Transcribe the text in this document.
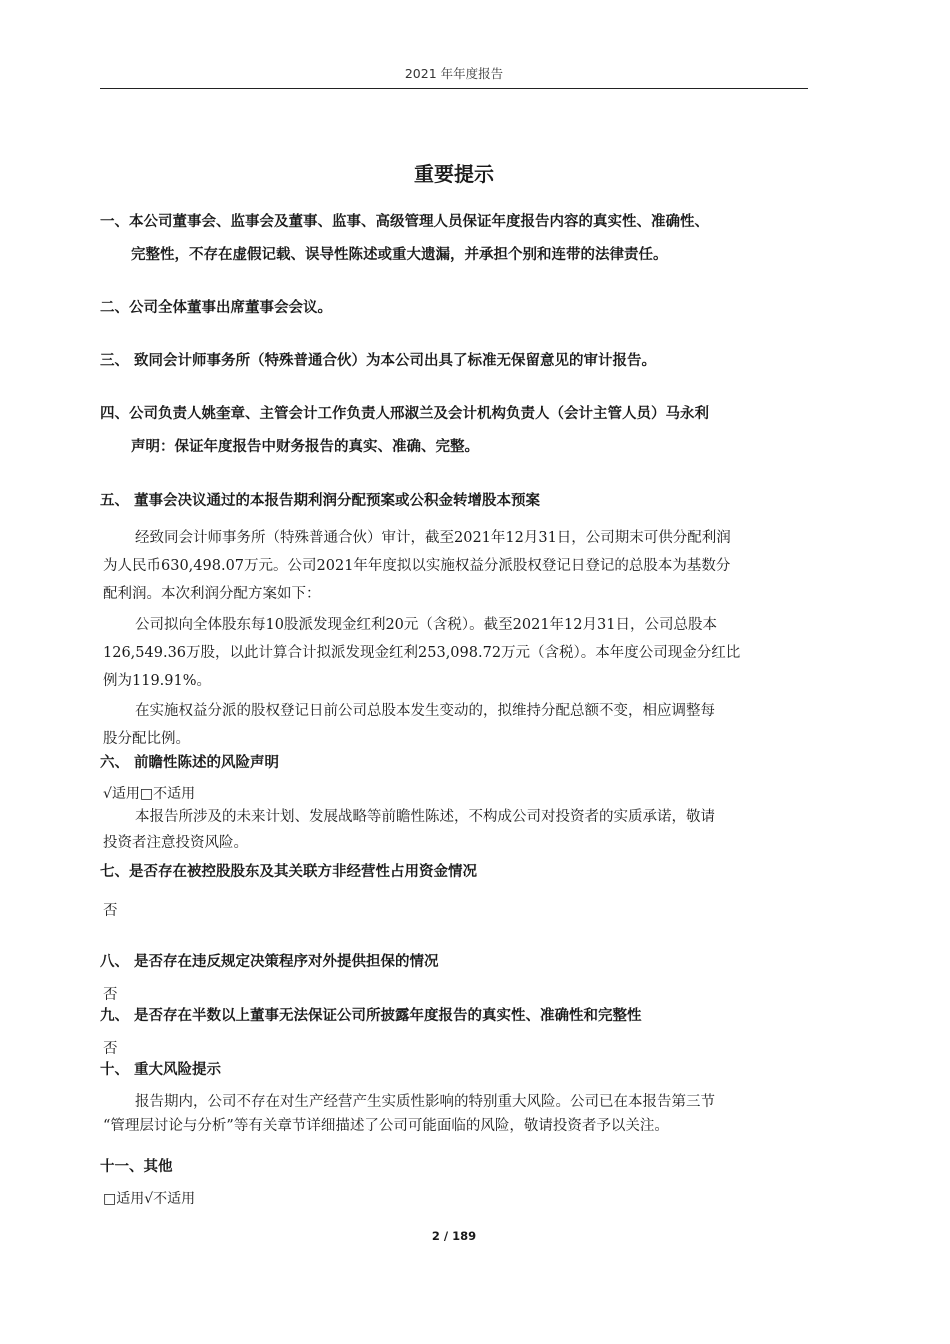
2021 年年度报告
重要提示
一、本公司董事会、监事会及董事、监事、高级管理人员保证年度报告内容的真实性、准确性、
完整性，不存在虚假记载、误导性陈述或重大遗漏，并承担个别和连带的法律责任。
二、公司全体董事出席董事会会议。
三、 致同会计师事务所（特殊普通合伙）为本公司出具了标准无保留意见的审计报告。
四、公司负责人姚奎章、主管会计工作负责人邢淑兰及会计机构负责人（会计主管人员）马永利
声明：保证年度报告中财务报告的真实、准确、完整。
五、 董事会决议通过的本报告期利润分配预案或公积金转增股本预案
经致同会计师事务所（特殊普通合伙）审计，截至2021年12月31日，公司期末可供分配利润
为人民币630,498.07万元。公司2021年年度拟以实施权益分派股权登记日登记的总股本为基数分
配利润。本次利润分配方案如下：
公司拟向全体股东每10股派发现金红利20元（含税）。截至2021年12月31日，公司总股本
126,549.36万股，以此计算合计拟派发现金红利253,098.72万元（含税）。本年度公司现金分红比
例为119.91%。
在实施权益分派的股权登记日前公司总股本发生变动的，拟维持分配总额不变，相应调整每
股分配比例。
六、 前瞻性陈述的风险声明
√适用□不适用
本报告所涉及的未来计划、发展战略等前瞻性陈述，不构成公司对投资者的实质承诺，敬请
投资者注意投资风险。
七、是否存在被控股股东及其关联方非经营性占用资金情况
否
八、 是否存在违反规定决策程序对外提供担保的情况
否
九、 是否存在半数以上董事无法保证公司所披露年度报告的真实性、准确性和完整性
否
十、 重大风险提示
报告期内，公司不存在对生产经营产生实质性影响的特别重大风险。公司已在本报告第三节
“管理层讨论与分析”等有关章节详细描述了公司可能面临的风险，敬请投资者予以关注。
十一、其他
□适用√不适用
2 / 189
